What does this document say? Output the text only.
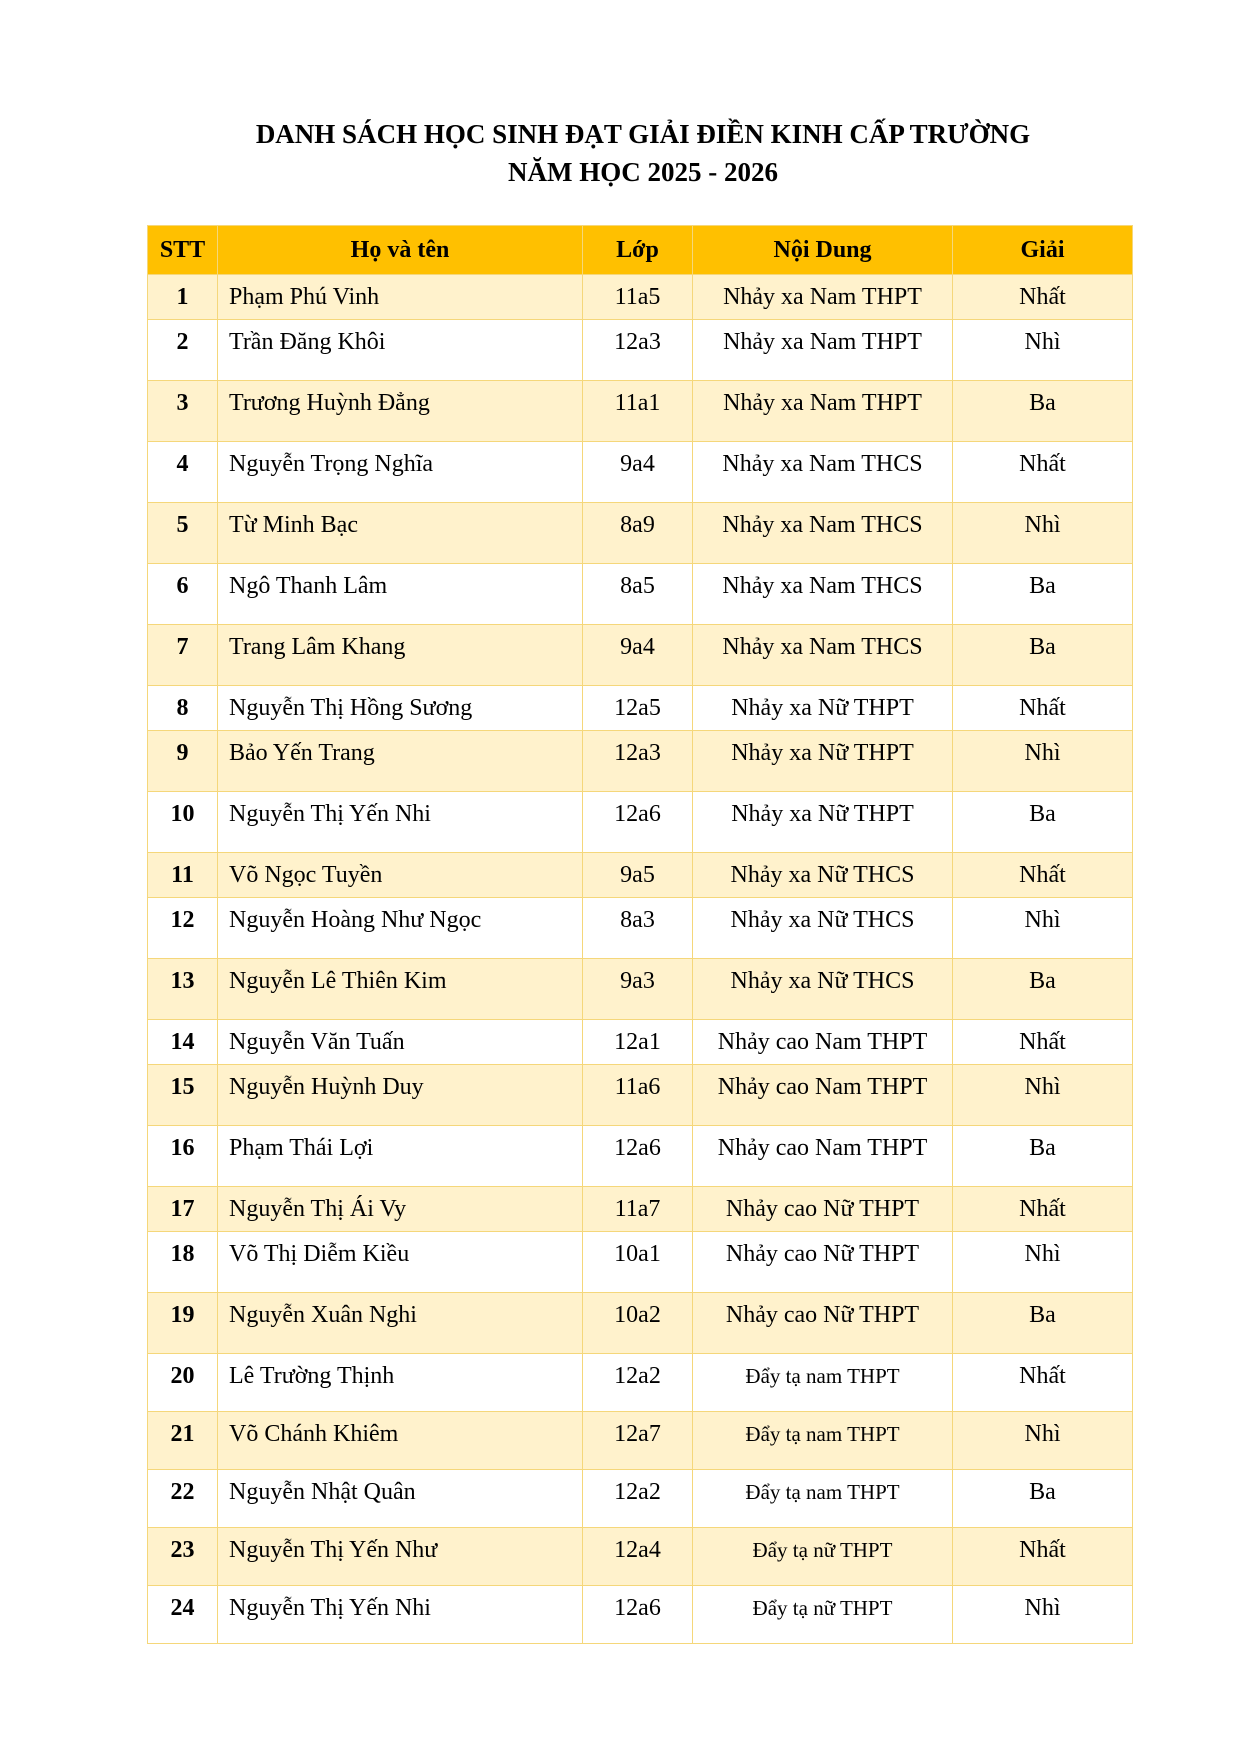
DANH SÁCH HỌC SINH ĐẠT GIẢI ĐIỀN KINH CẤP TRƯỜNG
NĂM HỌC 2025 - 2026
STT	Họ và tên	Lớp	Nội Dung	Giải
1	Phạm Phú Vinh	11a5	Nhảy xa Nam THPT	Nhất
2	Trần Đăng Khôi	12a3	Nhảy xa Nam THPT	Nhì
3	Trương Huỳnh Đẳng	11a1	Nhảy xa Nam THPT	Ba
4	Nguyễn Trọng Nghĩa	9a4	Nhảy xa Nam THCS	Nhất
5	Từ Minh Bạc	8a9	Nhảy xa Nam THCS	Nhì
6	Ngô Thanh Lâm	8a5	Nhảy xa Nam THCS	Ba
7	Trang Lâm Khang	9a4	Nhảy xa Nam THCS	Ba
8	Nguyễn Thị Hồng Sương	12a5	Nhảy xa Nữ THPT	Nhất
9	Bảo Yến Trang	12a3	Nhảy xa Nữ THPT	Nhì
10	Nguyễn Thị Yến Nhi	12a6	Nhảy xa Nữ THPT	Ba
11	Võ Ngọc Tuyền	9a5	Nhảy xa Nữ THCS	Nhất
12	Nguyễn Hoàng Như Ngọc	8a3	Nhảy xa Nữ THCS	Nhì
13	Nguyễn Lê Thiên Kim	9a3	Nhảy xa Nữ THCS	Ba
14	Nguyễn Văn Tuấn	12a1	Nhảy cao Nam THPT	Nhất
15	Nguyễn Huỳnh Duy	11a6	Nhảy cao Nam THPT	Nhì
16	Phạm Thái Lợi	12a6	Nhảy cao Nam THPT	Ba
17	Nguyễn Thị Ái Vy	11a7	Nhảy cao Nữ THPT	Nhất
18	Võ Thị Diễm Kiều	10a1	Nhảy cao Nữ THPT	Nhì
19	Nguyễn Xuân Nghi	10a2	Nhảy cao Nữ THPT	Ba
20	Lê Trường Thịnh	12a2	Đẩy tạ nam THPT	Nhất
21	Võ Chánh Khiêm	12a7	Đẩy tạ nam THPT	Nhì
22	Nguyễn Nhật Quân	12a2	Đẩy tạ nam THPT	Ba
23	Nguyễn Thị Yến Như	12a4	Đẩy tạ nữ THPT	Nhất
24	Nguyễn Thị Yến Nhi	12a6	Đẩy tạ nữ THPT	Nhì
